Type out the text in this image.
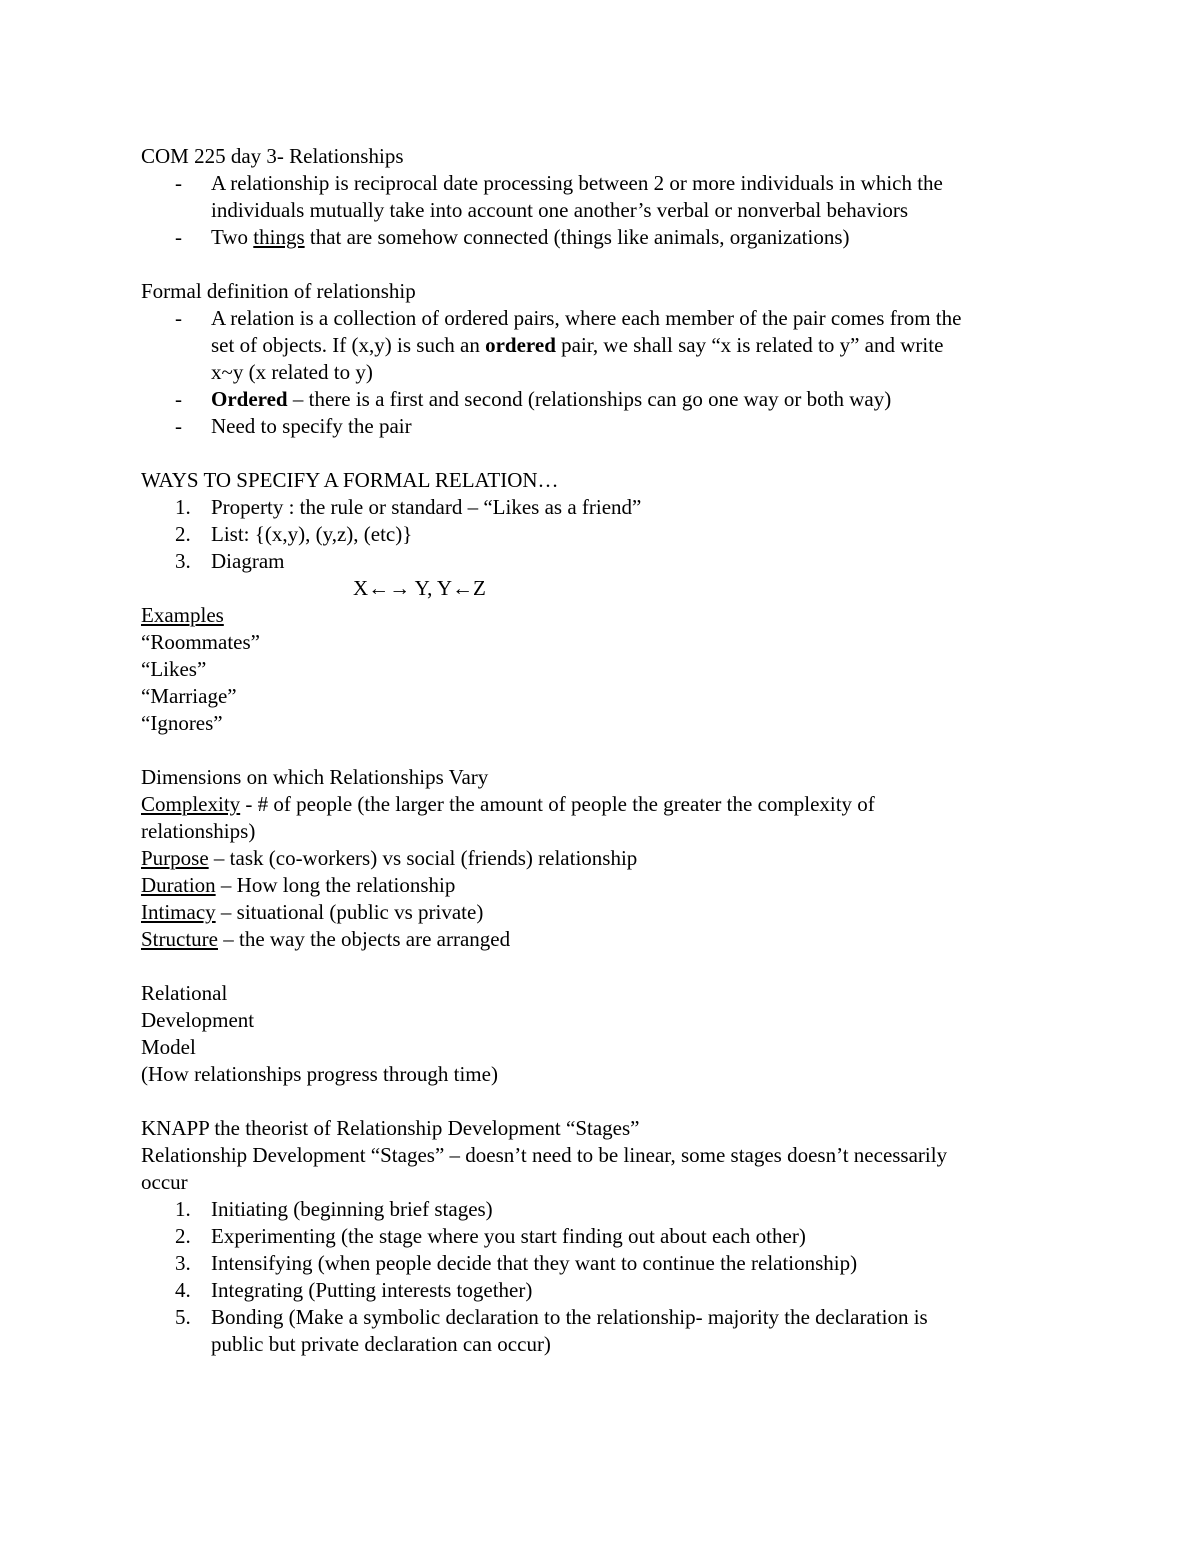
COM 225 day 3- Relationships
- A relationship is reciprocal date processing between 2 or more individuals in which the
individuals mutually take into account one another’s verbal or nonverbal behaviors
- Two things that are somehow connected (things like animals, organizations)
Formal definition of relationship
- A relation is a collection of ordered pairs, where each member of the pair comes from the
set of objects. If (x,y) is such an ordered pair, we shall say “x is related to y” and write
x~y (x related to y)
- Ordered – there is a first and second (relationships can go one way or both way)
- Need to specify the pair
WAYS TO SPECIFY A FORMAL RELATION…
1. Property : the rule or standard – “Likes as a friend”
2. List: {(x,y), (y,z), (etc)}
3. Diagram
X←→ Y, Y←Z
Examples
“Roommates”
“Likes”
“Marriage”
“Ignores”
Dimensions on which Relationships Vary
Complexity - # of people (the larger the amount of people the greater the complexity of
relationships)
Purpose – task (co-workers) vs social (friends) relationship
Duration – How long the relationship
Intimacy – situational (public vs private)
Structure – the way the objects are arranged
Relational
Development
Model
(How relationships progress through time)
KNAPP the theorist of Relationship Development “Stages”
Relationship Development “Stages” – doesn’t need to be linear, some stages doesn’t necessarily
occur
1. Initiating (beginning brief stages)
2. Experimenting (the stage where you start finding out about each other)
3. Intensifying (when people decide that they want to continue the relationship)
4. Integrating (Putting interests together)
5. Bonding (Make a symbolic declaration to the relationship- majority the declaration is
public but private declaration can occur)
